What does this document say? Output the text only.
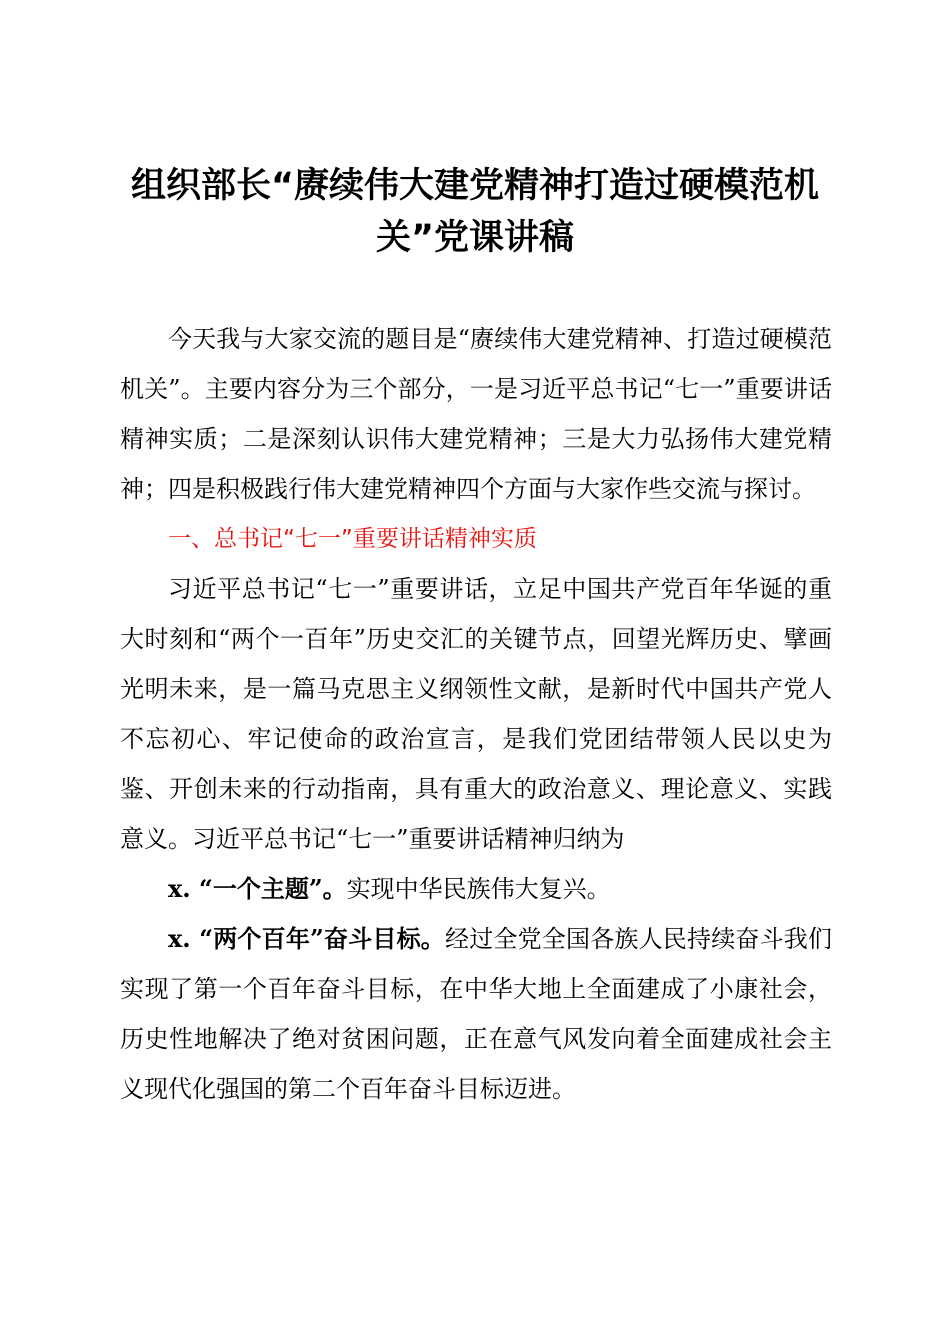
组织部长“赓续伟大建党精神打造过硬模范机关”党课讲稿

今天我与大家交流的题目是“赓续伟大建党精神、打造过硬模范机关”。主要内容分为三个部分，一是习近平总书记“七一”重要讲话精神实质；二是深刻认识伟大建党精神；三是大力弘扬伟大建党精神；四是积极践行伟大建党精神四个方面与大家作些交流与探讨。

一、总书记“七一”重要讲话精神实质

习近平总书记“七一”重要讲话，立足中国共产党百年华诞的重大时刻和“两个一百年”历史交汇的关键节点，回望光辉历史、擘画光明未来，是一篇马克思主义纲领性文献，是新时代中国共产党人不忘初心、牢记使命的政治宣言，是我们党团结带领人民以史为鉴、开创未来的行动指南，具有重大的政治意义、理论意义、实践意义。习近平总书记“七一”重要讲话精神归纳为

x. “一个主题”。实现中华民族伟大复兴。

x. “两个百年”奋斗目标。经过全党全国各族人民持续奋斗我们实现了第一个百年奋斗目标，在中华大地上全面建成了小康社会，历史性地解决了绝对贫困问题，正在意气风发向着全面建成社会主义现代化强国的第二个百年奋斗目标迈进。
